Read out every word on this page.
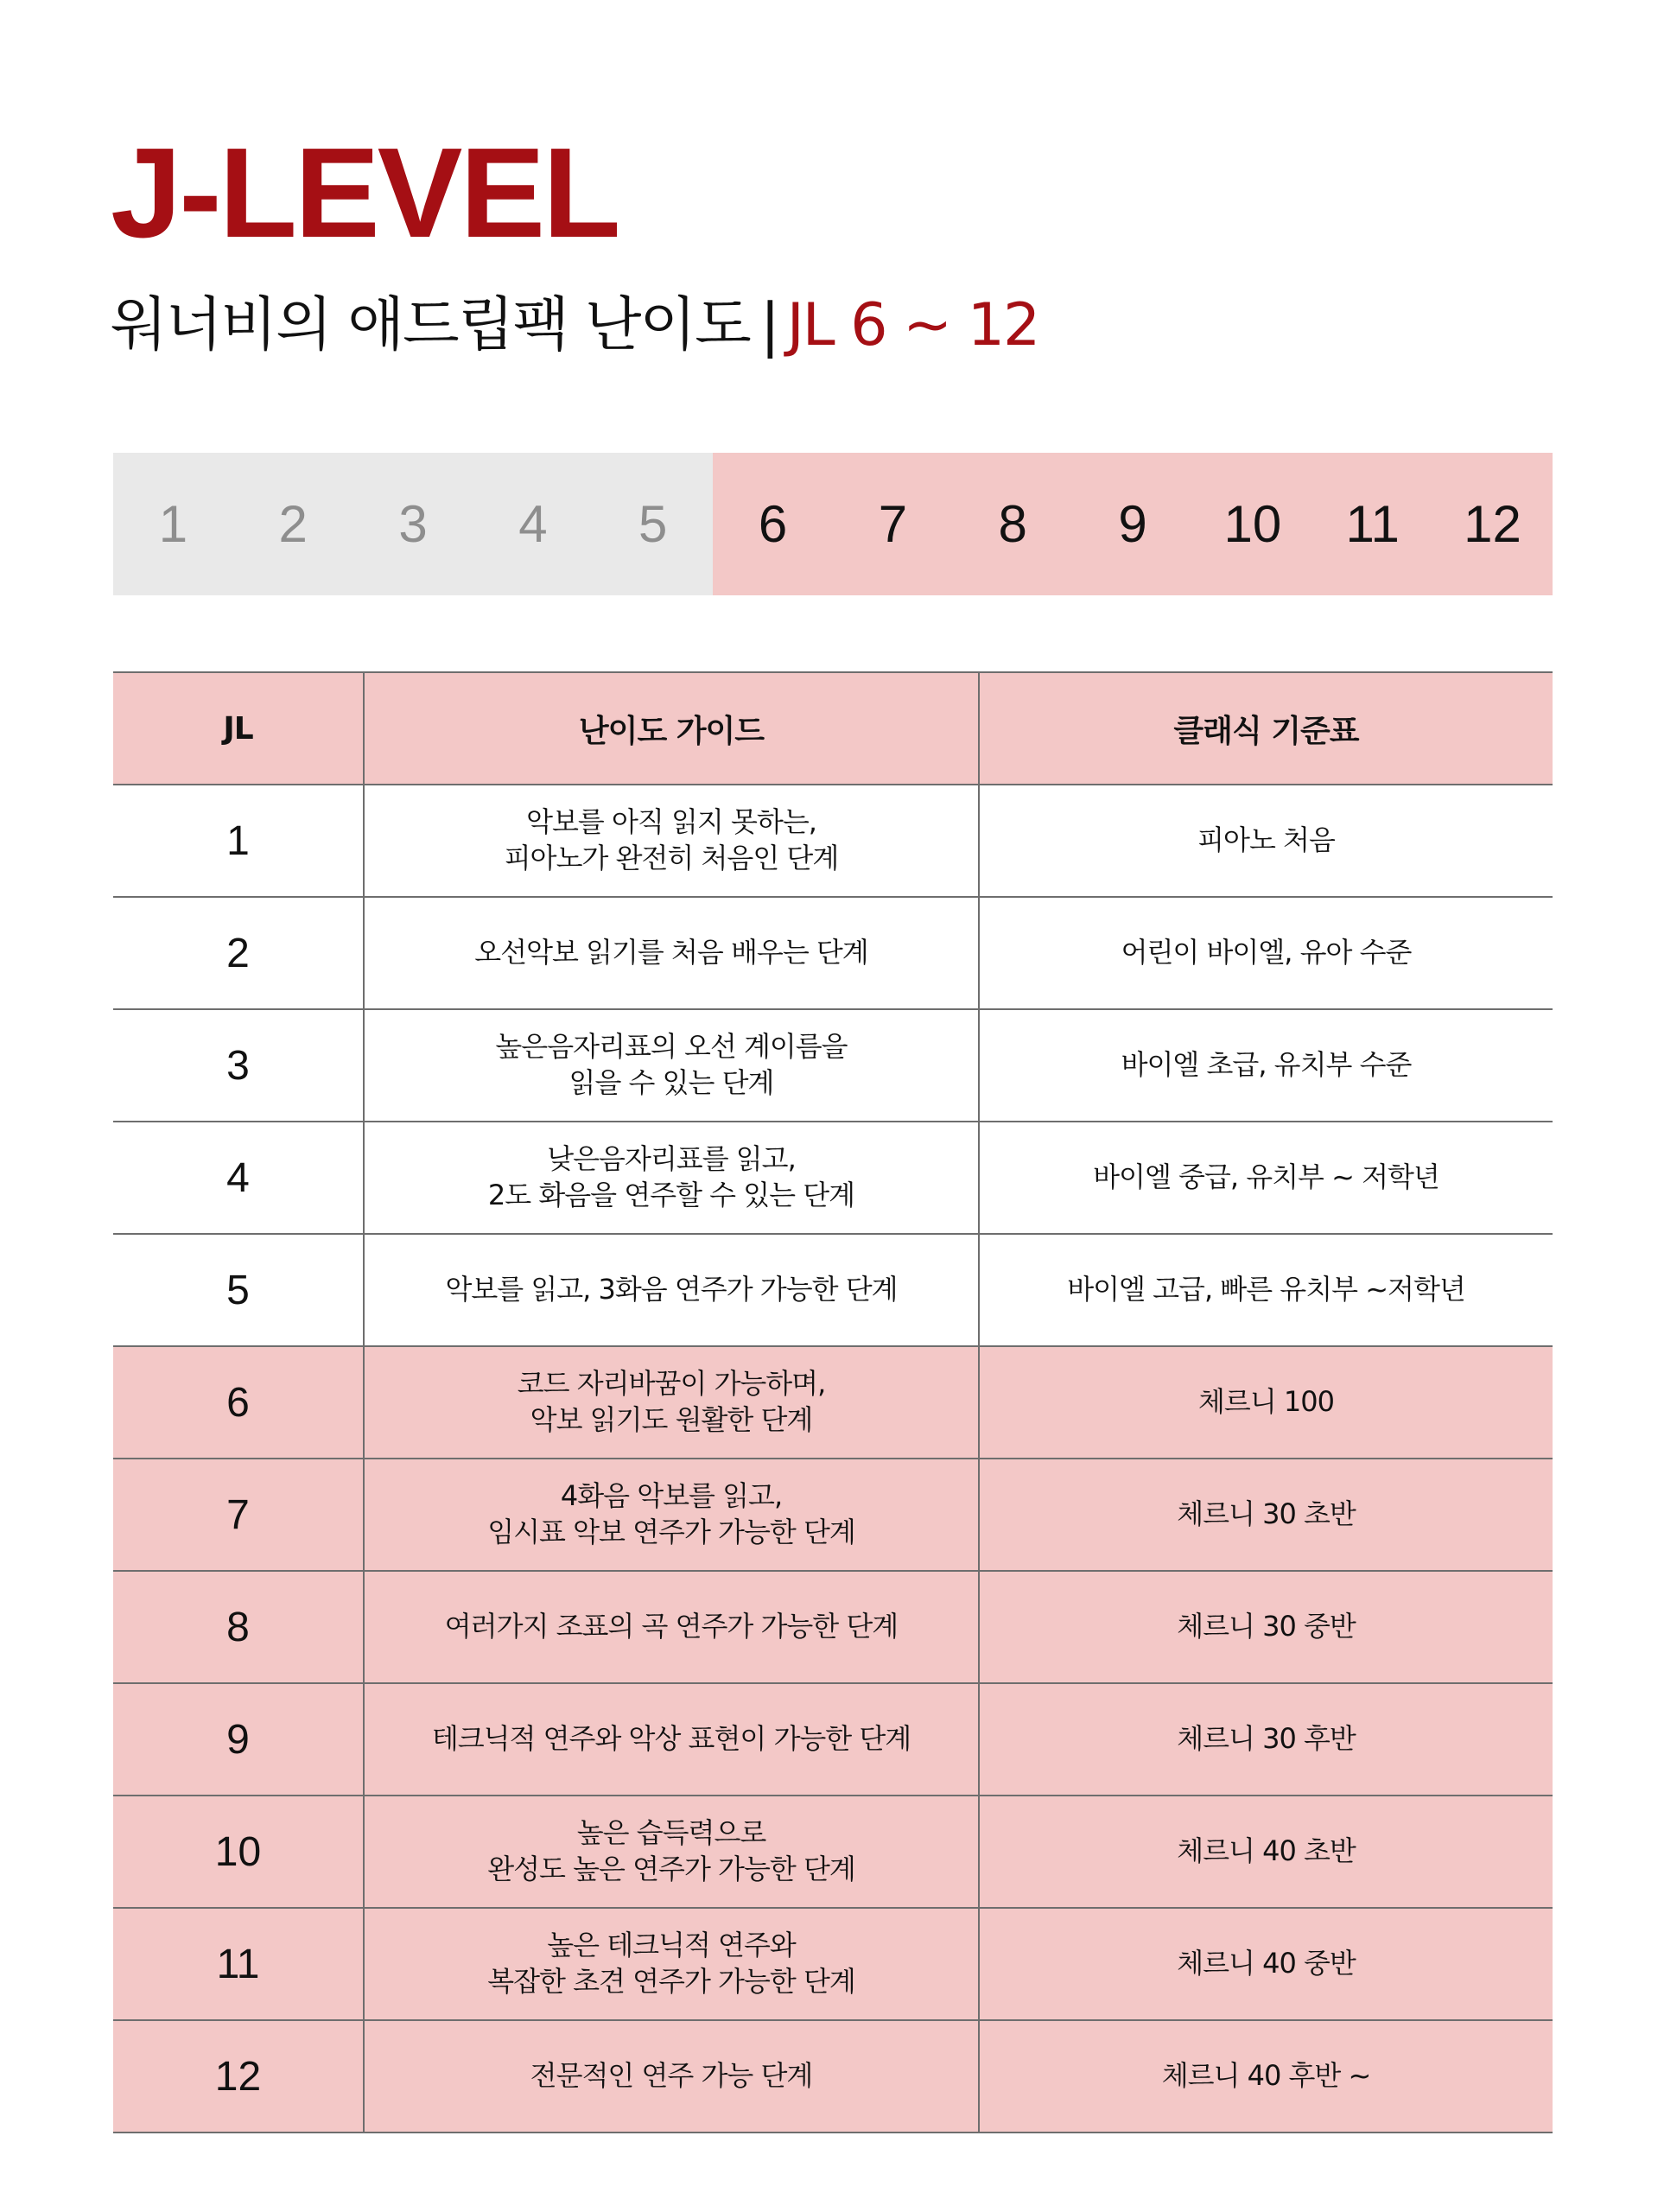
J-LEVEL
워너비의 애드립팩 난이도 | JL 6 ~ 12
1	2	3	4	5	6	7	8	9	10	11	12
JL	난이도 가이드	클래식 기준표
1	악보를 아직 읽지 못하는,
피아노가 완전히 처음인 단계	피아노 처음
2	오선악보 읽기를 처음 배우는 단계	어린이 바이엘, 유아 수준
3	높은음자리표의 오선 계이름을
읽을 수 있는 단계	바이엘 초급, 유치부 수준
4	낮은음자리표를 읽고,
2도 화음을 연주할 수 있는 단계	바이엘 중급, 유치부 ~ 저학년
5	악보를 읽고, 3화음 연주가 가능한 단계	바이엘 고급, 빠른 유치부 ~저학년
6	코드 자리바꿈이 가능하며,
악보 읽기도 원활한 단계	체르니 100
7	4화음 악보를 읽고,
임시표 악보 연주가 가능한 단계	체르니 30 초반
8	여러가지 조표의 곡 연주가 가능한 단계	체르니 30 중반
9	테크닉적 연주와 악상 표현이 가능한 단계	체르니 30 후반
10	높은 습득력으로
완성도 높은 연주가 가능한 단계	체르니 40 초반
11	높은 테크닉적 연주와
복잡한 초견 연주가 가능한 단계	체르니 40 중반
12	전문적인 연주 가능 단계	체르니 40 후반 ~
